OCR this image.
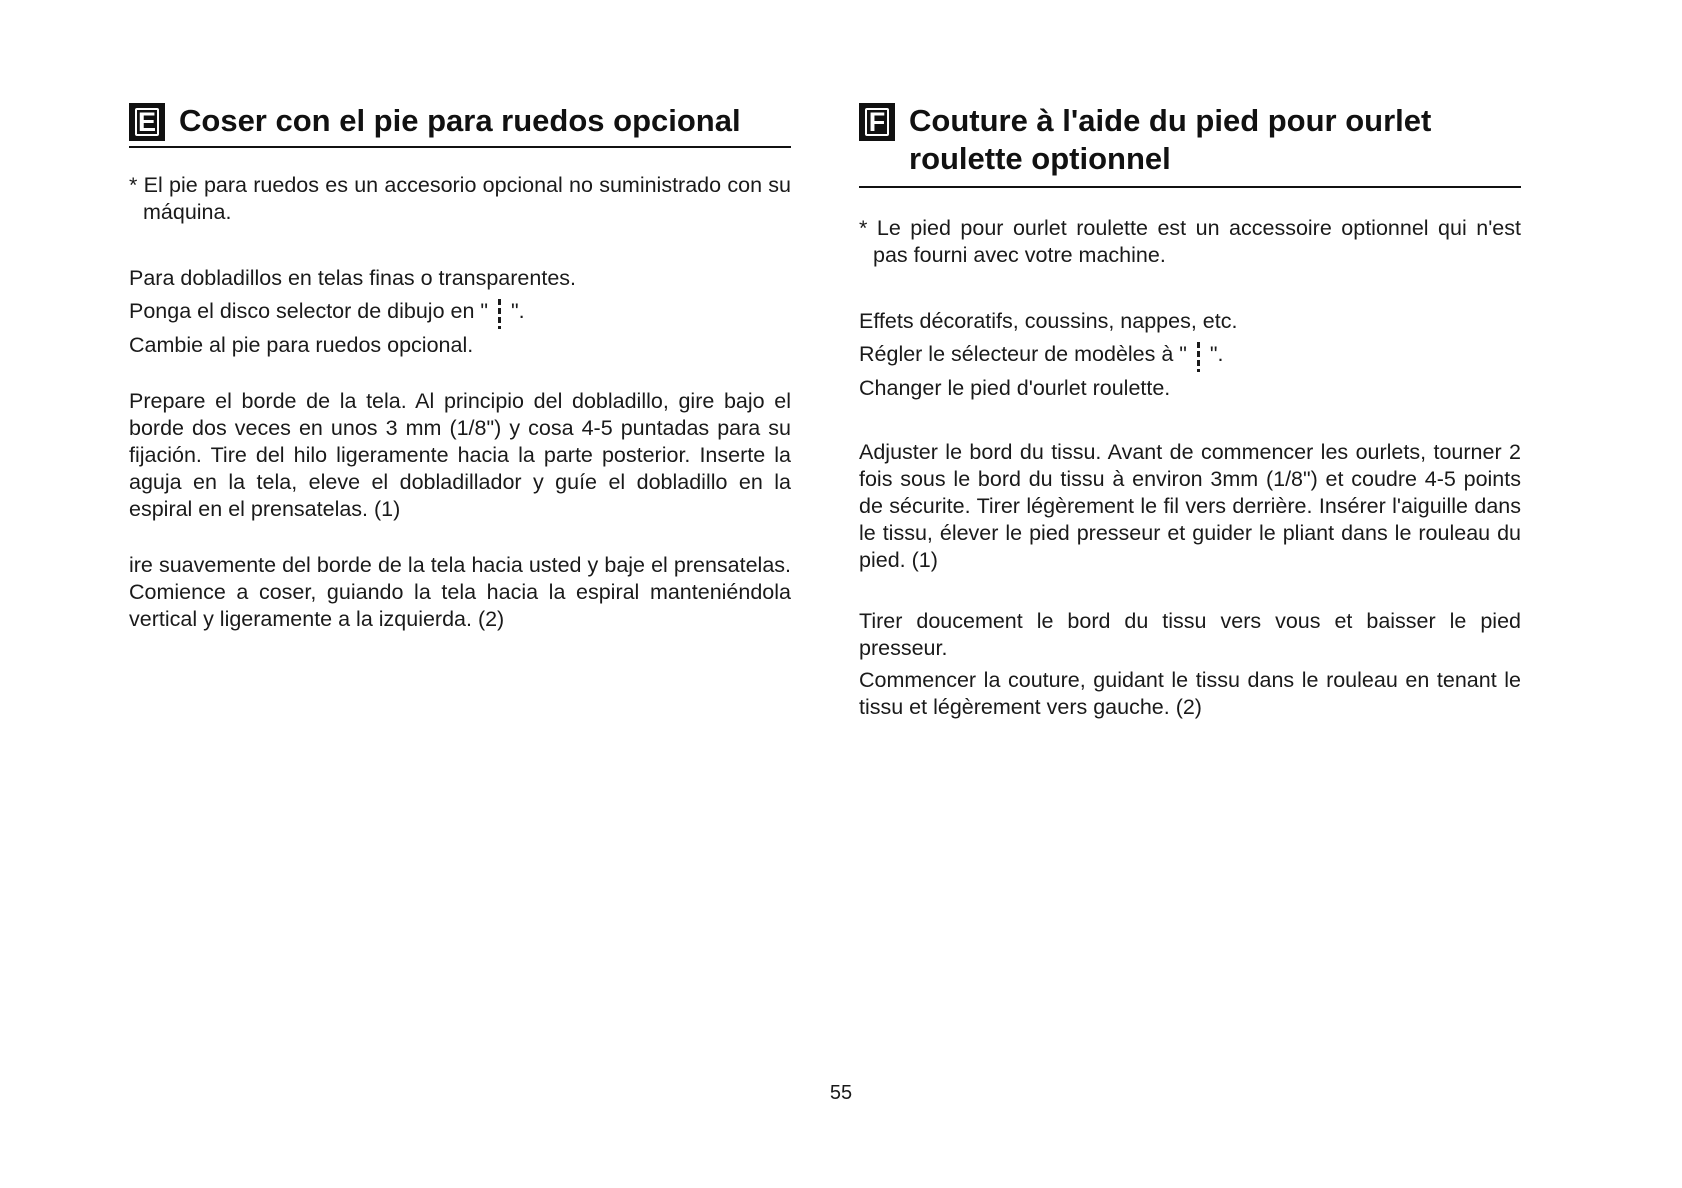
E Coser con el pie para ruedos opcional

* El pie para ruedos es un accesorio opcional no suministrado con su máquina.

Para dobladillos en telas finas o transparentes.
Ponga el disco selector de dibujo en " ".
Cambie al pie para ruedos opcional.

Prepare el borde de la tela. Al principio del dobladillo, gire bajo el borde dos veces en unos 3 mm (1/8") y cosa 4-5 puntadas para su fijación. Tire del hilo ligeramente hacia la parte posterior. Inserte la aguja en la tela, eleve el dobladillador y guíe el dobladillo en la espiral en el prensatelas. (1)

ire suavemente del borde de la tela hacia usted y baje el prensatelas. Comience a coser, guiando la tela hacia la espiral manteniéndola vertical y ligeramente a la izquierda. (2)

F Couture à l'aide du pied pour ourlet roulette optionnel

* Le pied pour ourlet roulette est un accessoire optionnel qui n'est pas fourni avec votre machine.

Effets décoratifs, coussins, nappes, etc.
Régler le sélecteur de modèles à " ".
Changer le pied d'ourlet roulette.

Adjuster le bord du tissu. Avant de commencer les ourlets, tourner 2 fois sous le bord du tissu à environ 3mm (1/8") et coudre 4-5 points de sécurite. Tirer légèrement le fil vers derrière. Insérer l'aiguille dans le tissu, élever le pied presseur et guider le pliant dans le rouleau du pied. (1)

Tirer doucement le bord du tissu vers vous et baisser le pied presseur.

Commencer la couture, guidant le tissu dans le rouleau en tenant le tissu et légèrement vers gauche. (2)

55
